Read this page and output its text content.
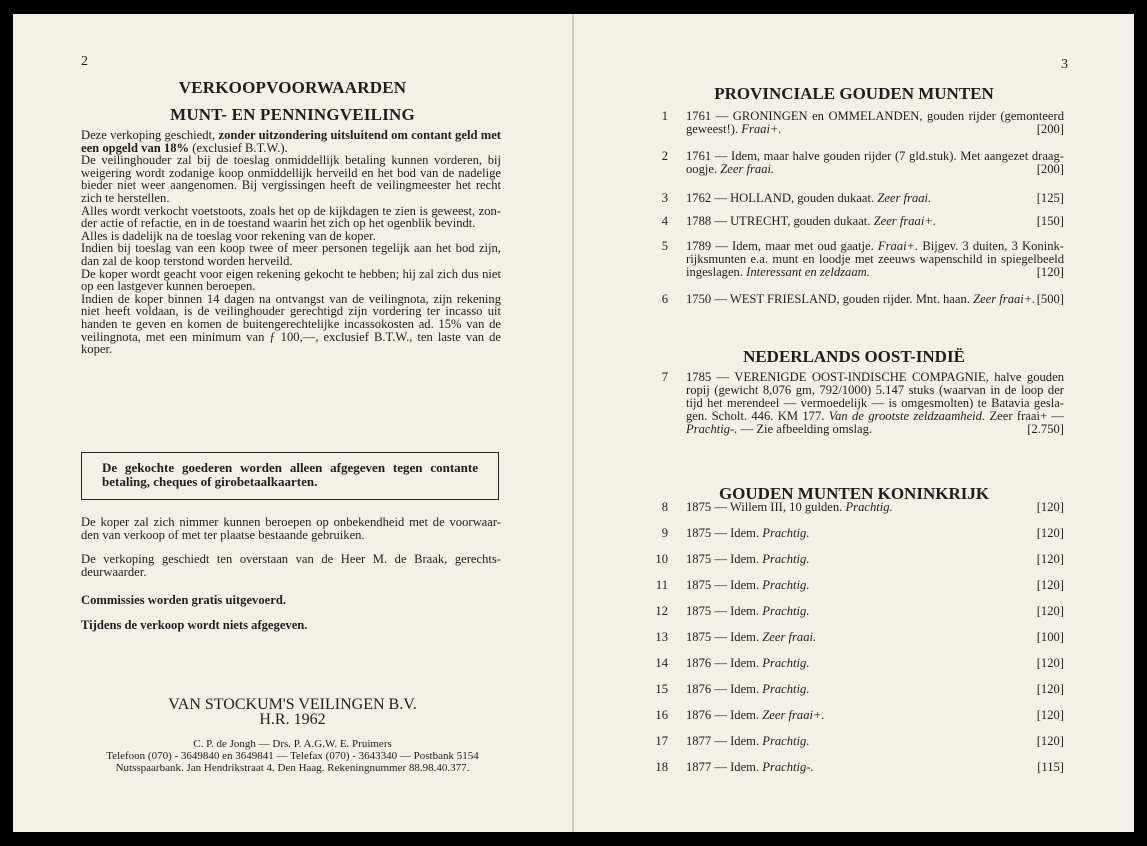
2
VERKOOPVOORWAARDEN
MUNT- EN PENNINGVEILING
Deze verkoping geschiedt, zonder uitzondering uitsluitend om contant geld met
een opgeld van 18% (exclusief B.T.W.).
De veilinghouder zal bij de toeslag onmiddellijk betaling kunnen vorderen, bij
weigering wordt zodanige koop onmiddellijk herveild en het bod van de nadelige
bieder niet weer aangenomen. Bij vergissingen heeft de veilingmeester het recht
zich te herstellen.
Alles wordt verkocht voetstoots, zoals het op de kijkdagen te zien is geweest, zon-
der actie of refactie, en in de toestand waarin het zich op het ogenblik bevindt.
Alles is dadelijk na de toeslag voor rekening van de koper.
Indien bij toeslag van een koop twee of meer personen tegelijk aan het bod zijn,
dan zal de koop terstond worden herveild.
De koper wordt geacht voor eigen rekening gekocht te hebben; hij zal zich dus niet
op een lastgever kunnen beroepen.
Indien de koper binnen 14 dagen na ontvangst van de veilingnota, zijn rekening
niet heeft voldaan, is de veilinghouder gerechtigd zijn vordering ter incasso uit
handen te geven en komen de buitengerechtelijke incassokosten ad. 15% van de
veilingnota, met een minimum van ƒ 100,—, exclusief B.T.W., ten laste van de
koper.
De gekochte goederen worden alleen afgegeven tegen contante
betaling, cheques of girobetaalkaarten.
De koper zal zich nimmer kunnen beroepen op onbekendheid met de voorwaar-
den van verkoop of met ter plaatse bestaande gebruiken.
De verkoping geschiedt ten overstaan van de Heer M. de Braak, gerechts-
deurwaarder.
Commissies worden gratis uitgevoerd.
Tijdens de verkoop wordt niets afgegeven.
VAN STOCKUM'S VEILINGEN B.V.
H.R. 1962
C. P. de Jongh — Drs. P. A.G.W. E. Pruimers
Telefoon (070) - 3649840 en 3649841 — Telefax (070) - 3643340 — Postbank 5154
Nutsspaarbank. Jan Hendrikstraat 4. Den Haag. Rekeningnummer 88.98.40.377.
3
PROVINCIALE GOUDEN MUNTEN
1 1761 — GRONINGEN en OMMELANDEN, gouden rijder (gemonteerd
geweest!). Fraai+.	[200]
2 1761 — Idem, maar halve gouden rijder (7 gld.stuk). Met aangezet draag-
oogje. Zeer fraai.	[200]
3 1762 — HOLLAND, gouden dukaat. Zeer fraai.	[125]
4 1788 — UTRECHT, gouden dukaat. Zeer fraai+.	[150]
5 1789 — Idem, maar met oud gaatje. Fraai+. Bijgev. 3 duiten, 3 Konink-
rijksmunten e.a. munt en loodje met zeeuws wapenschild in spiegelbeeld
ingeslagen. Interessant en zeldzaam.	[120]
6 1750 — WEST FRIESLAND, gouden rijder. Mnt. haan. Zeer fraai+. [500]
NEDERLANDS OOST-INDIË
7 1785 — VERENIGDE OOST-INDISCHE COMPAGNIE, halve gouden
ropij (gewicht 8,076 gm, 792/1000) 5.147 stuks (waarvan in de loop der
tijd het merendeel — vermoedelijk — is omgesmolten) te Batavia gesla-
gen. Scholt. 446. KM 177. Van de grootste zeldzaamheid. Zeer fraai+ —
Prachtig-. — Zie afbeelding omslag.	[2.750]
GOUDEN MUNTEN KONINKRIJK
8 1875 — Willem III, 10 gulden. Prachtig.	[120]
9 1875 — Idem. Prachtig.	[120]
10 1875 — Idem. Prachtig.	[120]
11 1875 — Idem. Prachtig.	[120]
12 1875 — Idem. Prachtig.	[120]
13 1875 — Idem. Zeer fraai.	[100]
14 1876 — Idem. Prachtig.	[120]
15 1876 — Idem. Prachtig.	[120]
16 1876 — Idem. Zeer fraai+.	[120]
17 1877 — Idem. Prachtig.	[120]
18 1877 — Idem. Prachtig-.	[115]
